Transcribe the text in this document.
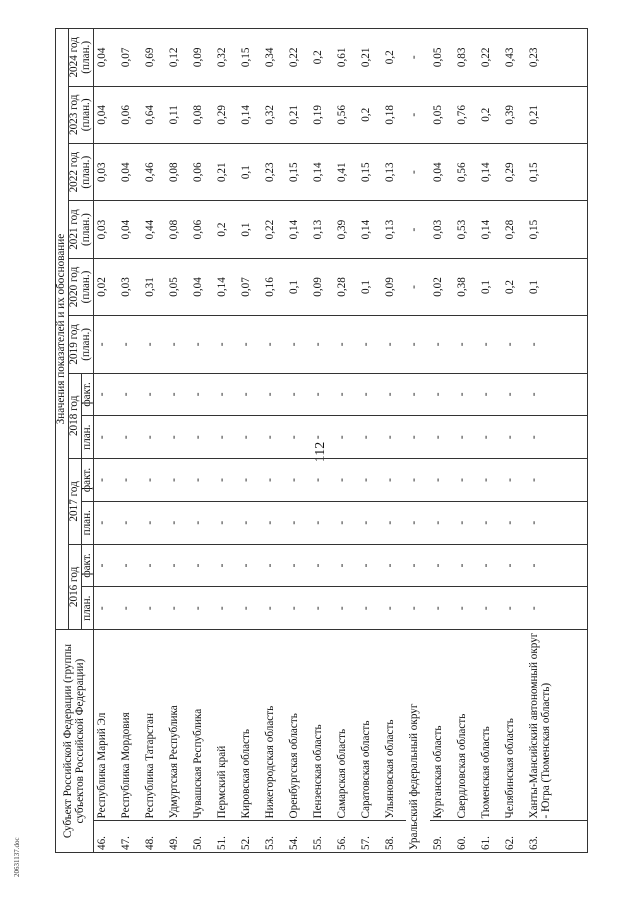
112
Субъект Российской Федерации (группы субъектов Российской Федерации)		Значения показателей и их обоснование											
		2016 год		2017 год		2018 год		2019 год (план.)	2020 год (план.)	2021 год (план.)	2022 год (план.)	2023 год (план.)	2024 год (план.)
		план.	факт.	план.	факт.	план.	факт.						
46.	Республика Марий Эл	-	-	-	-	-	-	-	0,02	0,03	0,03	0,04	0,04
47.	Республика Мордовия	-	-	-	-	-	-	-	0,03	0,04	0,04	0,06	0,07
48.	Республика Татарстан	-	-	-	-	-	-	-	0,31	0,44	0,46	0,64	0,69
49.	Удмуртская Республика	-	-	-	-	-	-	-	0,05	0,08	0,08	0,11	0,12
50.	Чувашская Республика	-	-	-	-	-	-	-	0,04	0,06	0,06	0,08	0,09
51.	Пермский край	-	-	-	-	-	-	-	0,14	0,2	0,21	0,29	0,32
52.	Кировская область	-	-	-	-	-	-	-	0,07	0,1	0,1	0,14	0,15
53.	Нижегородская область	-	-	-	-	-	-	-	0,16	0,22	0,23	0,32	0,34
54.	Оренбургская область	-	-	-	-	-	-	-	0,1	0,14	0,15	0,21	0,22
55.	Пензенская область	-	-	-	-	-	-	-	0,09	0,13	0,14	0,19	0,2
56.	Самарская область	-	-	-	-	-	-	-	0,28	0,39	0,41	0,56	0,61
57.	Саратовская область	-	-	-	-	-	-	-	0,1	0,14	0,15	0,2	0,21
58.	Ульяновская область	-	-	-	-	-	-	-	0,09	0,13	0,13	0,18	0,2
Уральский федеральный округ		-	-	-	-	-	-	-	-	-	-	-	-
59.	Курганская область	-	-	-	-	-	-	-	0,02	0,03	0,04	0,05	0,05
60.	Свердловская область	-	-	-	-	-	-	-	0,38	0,53	0,56	0,76	0,83
61.	Тюменская область	-	-	-	-	-	-	-	0,1	0,14	0,14	0,2	0,22
62.	Челябинская область	-	-	-	-	-	-	-	0,2	0,28	0,29	0,39	0,43
63.	Ханты-Мансийский автономный округ - Югра (Тюменская область)	-	-	-	-	-	-	-	0,1	0,15	0,15	0,21	0,23
20631137.doc
